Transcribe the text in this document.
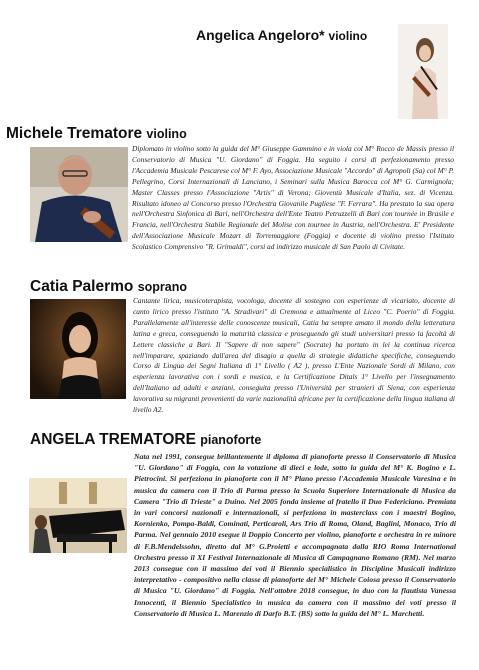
Angelica Angeloro* violino
Michele Trematore violino

Diplomato in violino sotto la guida del M° Giuseppe Gammino e in viola col M° Rocco de Massis presso il Conservatorio di Musica "U. Giordano" di Foggia. Ha seguito i corsi di perfezionamento presso l'Accademia Musicale Pescarese col M° F. Ayo, Associazione Musicale "Accordo" di Agropoli (Sa) col M° P. Pellegrino, Corsi Internazionali di Lanciano, i Seminari sulla Musica Barocca col M° G. Carmignola; Master Classes presso l'Associazione "Artis" di Verona; Gioventù Musicale d'Italia, sez. di Vicenza. Risultato idoneo al Concorso presso l'Orchestra Giovanile Pugliese "F. Ferrara". Ha prestato la sua opera nell'Orchestra Sinfonica di Bari, nell'Orchestra dell'Ente Teatro Petruzzelli di Bari con tournée in Brasile e Francia, nell'Orchestra Stabile Regionale del Molise con tournee in Austria, nell'Orchestra. E' Presidente dell'Associazione Musicale Mozart di Torremaggiore (Foggia) e docente di violino presso l'Istituto Scolastico Comprensivo "R. Grimaldi", corsi ad indirizzo musicale di San Paolo di Civitate.

Catia Palermo soprano

Cantante lirica, musicoterapista, vocologa, docente di sostegno con esperienze di vicariato, docente di canto lirico presso l'istituto "A. Stradivari" di Cremona e attualmente al Liceo "C. Poerio" di Foggia. Parallelamente all'interesse delle conoscenze musicali, Catia ha sempre amato il mondo della letteratura latina e greca, conseguendo la maturità classica e proseguendo gli studi universitari presso la facoltà di Lettere classiche a Bari. Il "Sapere di non sapere" (Socrate) ha portato in lei la continua ricerca nell'imparare, spaziando dall'area del disagio a quella di strategie didattiche specifiche, conseguendo Corso di Lingua dei Segni Italiana di 1° Livello ( A2 ), presso L'Ente Nazionale Sordi di Milano, con esperienza lavorativa con i sordi e musica, e la Certificazione Ditals 1° Livello per l'insegnamento dell'Italiano ad adulti e anziani, conseguita presso l'Università per stranieri di Siena, con esperienza lavorativa su migranti provenienti da varie nazionalità africane per la certificazione della lingua italiana di livello A2.

ANGELA TREMATORE pianoforte

Nata nel 1991, consegue brillantemente il diploma di pianoforte presso il Conservatorio di Musica "U. Giordano" di Foggia, con la votazione di dieci e lode, sotto la guida del M° K. Bogino e L. Pietrocini. Si perfeziona in pianoforte con il M° Plano presso l'Accademia Musicale Varesina e in musica da camera con il Trio di Parma presso la Scuola Superiore Internazionale di Musica da Camera "Trio di Trieste" a Duino. Nel 2005 fonda insieme al fratello il Duo Federiciano. Premiata in vari concorsi nazionali e internazionali, si perfeziona in masterclass con i maestri Bogino, Kornienko, Pompa-Baldi, Cominati, Perticaroli, Ars Trio di Roma, Oland, Baglini, Monaco, Trio di Parma. Nel gennaio 2010 esegue il Doppio Concerto per violino, pianoforte e orchestra in re minore di F.B.Mendelssohn, diretto dal M° G.Proietti e accompagnata dalla RIO Roma International Orchestra presso il XI Festival Internazionale di Musica di Campagnano Romano (RM). Nel marzo 2013 consegue con il massimo dei voti il Biennio specialistico in Discipline Musicali indirizzo interpretativo - compositivo nella classe di pianoforte del M° Michele Coiosa presso il Conservatorio di Musica "U. Giordano" di Foggia. Nell'ottobre 2018 consegue, in duo con la flautista Vanessa Innocenti, il Biennio Specialistico in musica da camera con il massimo dei voti presso il Conservatorio di Musica L. Marenzio di Darfo B.T. (BS) sotto la guida del M° L. Marchetti.
